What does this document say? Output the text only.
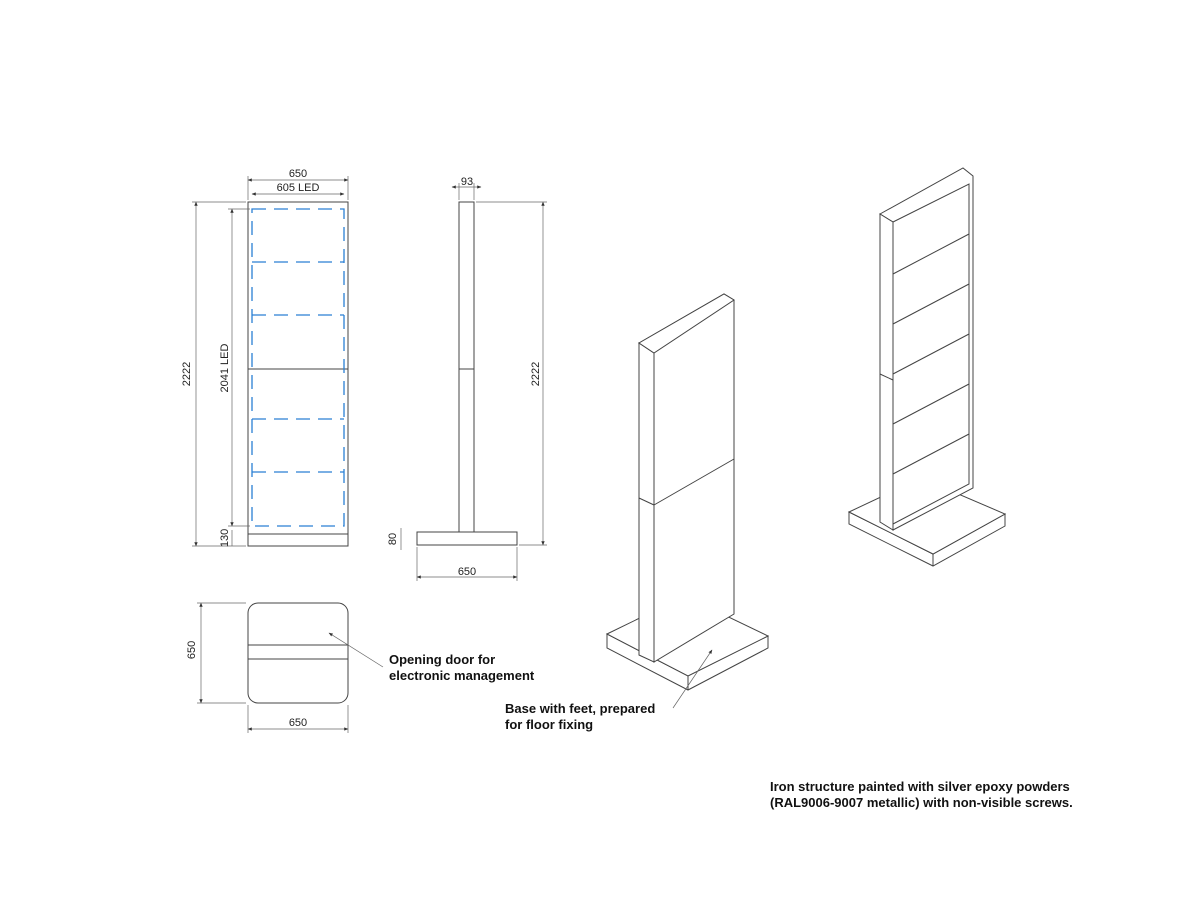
650
605 LED
2222 2041 LED
130
93
2222
80
650
650
650
Opening door for
electronic management
Base with feet, prepared
for floor fixing
Iron structure painted with silver epoxy powders
(RAL9006-9007 metallic) with non-visible screws.
